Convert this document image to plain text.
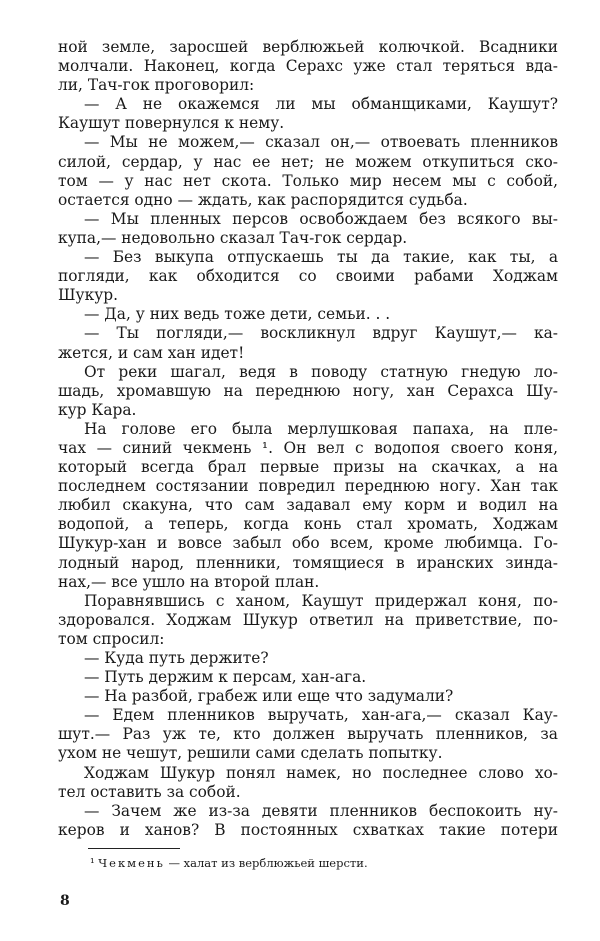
ной земле, заросшей верблюжьей колючкой. Всадники
молчали. Наконец, когда Серахс уже стал теряться вда-
ли, Тач-гок проговорил:
— А не окажемся ли мы обманщиками, Каушут?
Каушут повернулся к нему.
— Мы не можем,— сказал он,— отвоевать пленников
силой, сердар, у нас ее нет; не можем откупиться ско-
том — у нас нет скота. Только мир несем мы с собой,
остается одно — ждать, как распорядится судьба.
— Мы пленных персов освобождаем без всякого вы-
купа,— недовольно сказал Тач-гок сердар.
— Без выкупа отпускаешь ты да такие, как ты, а
погляди, как обходится со своими рабами Ходжам
Шукур.
— Да, у них ведь тоже дети, семьи. . .
— Ты погляди,— воскликнул вдруг Каушут,— ка-
жется, и сам хан идет!
От реки шагал, ведя в поводу статную гнедую ло-
шадь, хромавшую на переднюю ногу, хан Серахса Шу-
кур Кара.
На голове его была мерлушковая папаха, на пле-
чах — синий чекмень ¹. Он вел с водопоя своего коня,
который всегда брал первые призы на скачках, а на
последнем состязании повредил переднюю ногу. Хан так
любил скакуна, что сам задавал ему корм и водил на
водопой, а теперь, когда конь стал хромать, Ходжам
Шукур-хан и вовсе забыл обо всем, кроме любимца. Го-
лодный народ, пленники, томящиеся в иранских зинда-
нах,— все ушло на второй план.
Поравнявшись с ханом, Каушут придержал коня, по-
здоровался. Ходжам Шукур ответил на приветствие, по-
том спросил:
— Куда путь держите?
— Путь держим к персам, хан-ага.
— На разбой, грабеж или еще что задумали?
— Едем пленников выручать, хан-ага,— сказал Кау-
шут.— Раз уж те, кто должен выручать пленников, за
ухом не чешут, решили сами сделать попытку.
Ходжам Шукур понял намек, но последнее слово хо-
тел оставить за собой.
— Зачем же из-за девяти пленников беспокоить ну-
керов и ханов? В постоянных схватках такие потери
¹ Чекмень — халат из верблюжьей шерсти.
8
